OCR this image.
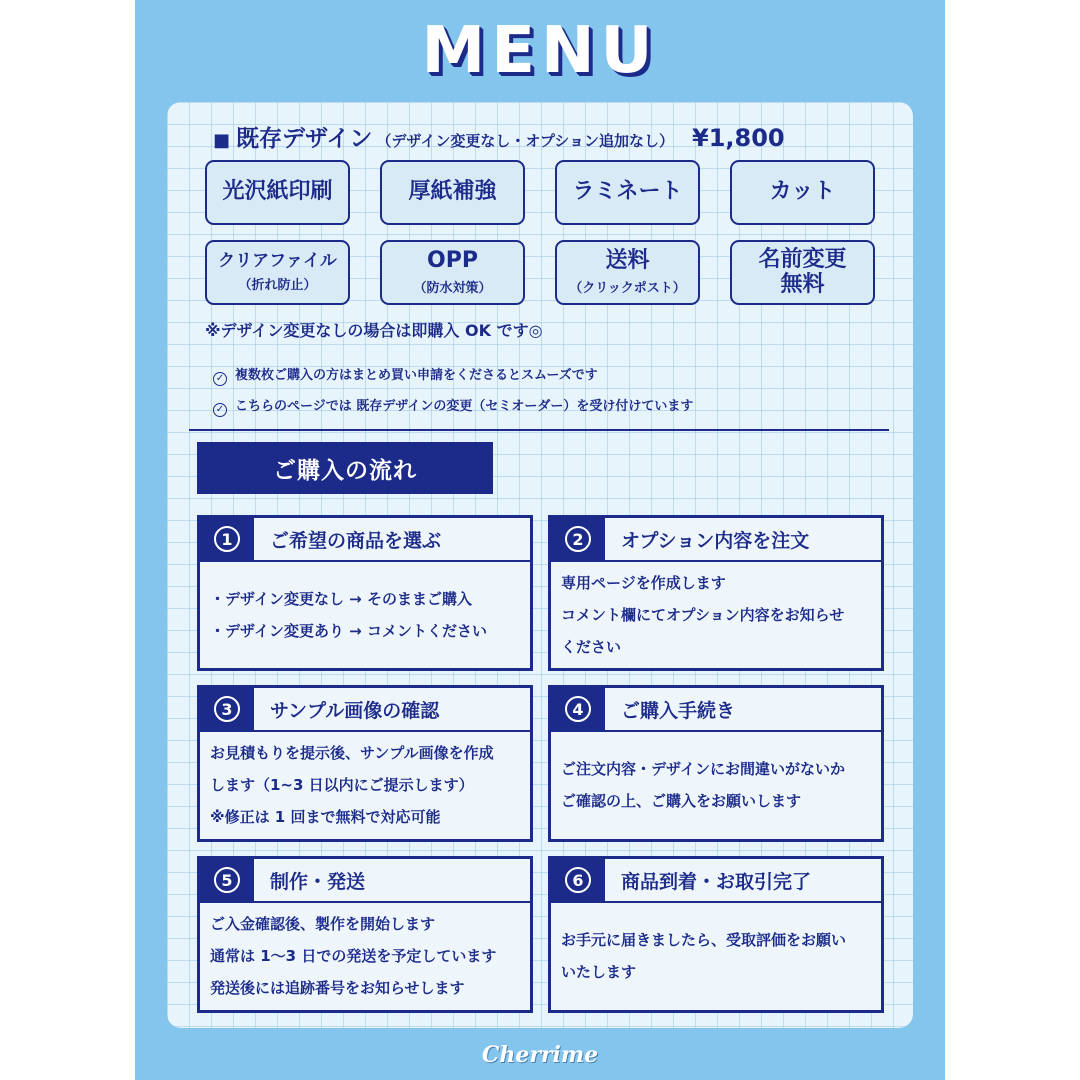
MENU
■ 既存デザイン （デザイン変更なし・オプション追加なし） ¥1,800
光沢紙印刷	厚紙補強	ラミネート	カット
クリアファイル
（折れ防止）
OPP
（防水対策）
送料
（クリックポスト）
名前変更
無料
※デザイン変更なしの場合は即購入 OK です◎
✓ 複数枚ご購入の方はまとめ買い申請をくださるとスムーズです
✓ こちらのページでは 既存デザインの変更（セミオーダー）を受け付けています
ご購入の流れ
1	ご希望の商品を選ぶ
・デザイン変更なし → そのままご購入
・デザイン変更あり → コメントください
2	オプション内容を注文
専用ページを作成します
コメント欄にてオプション内容をお知らせ
ください
3	サンプル画像の確認
お見積もりを提示後、サンプル画像を作成
します（1~3 日以内にご提示します）
※修正は 1 回まで無料で対応可能
4	ご購入手続き
ご注文内容・デザインにお間違いがないか
ご確認の上、ご購入をお願いします
5	制作・発送
ご入金確認後、製作を開始します
通常は 1〜3 日での発送を予定しています
発送後には追跡番号をお知らせします
6	商品到着・お取引完了
お手元に届きましたら、受取評価をお願い
いたします
Cherrime
